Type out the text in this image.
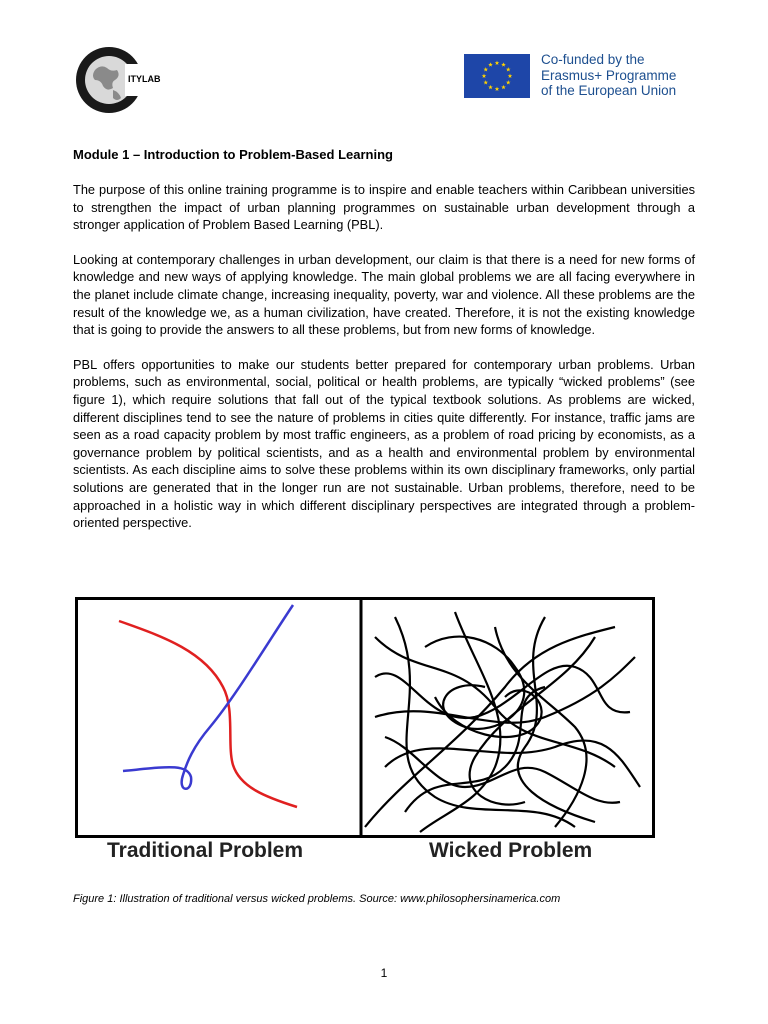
ITYLAB
Co-funded by the
Erasmus+ Programme
of the European Union
Module 1 – Introduction to Problem-Based Learning

The purpose of this online training programme is to inspire and enable teachers within Caribbean universities to strengthen the impact of urban planning programmes on sustainable urban development through a stronger application of Problem Based Learning (PBL).

Looking at contemporary challenges in urban development, our claim is that there is a need for new forms of knowledge and new ways of applying knowledge. The main global problems we are all facing everywhere in the planet include climate change, increasing inequality, poverty, war and violence. All these problems are the result of the knowledge we, as a human civilization, have created. Therefore, it is not the existing knowledge that is going to provide the answers to all these problems, but from new forms of knowledge.

PBL offers opportunities to make our students better prepared for contemporary urban problems. Urban problems, such as environmental, social, political or health problems, are typically “wicked problems” (see figure 1), which require solutions that fall out of the typical textbook solutions. As problems are wicked, different disciplines tend to see the nature of problems in cities quite differently. For instance, traffic jams are seen as a road capacity problem by most traffic engineers, as a problem of road pricing by economists, as a governance problem by political scientists, and as a health and environmental problem by environmental scientists. As each discipline aims to solve these problems within its own disciplinary frameworks, only partial solutions are generated that in the longer run are not sustainable. Urban problems, therefore, need to be approached in a holistic way in which different disciplinary perspectives are integrated through a problem-oriented perspective.

Traditional Problem	Wicked Problem
Figure 1: Illustration of traditional versus wicked problems. Source: www.philosophersinamerica.com
1
